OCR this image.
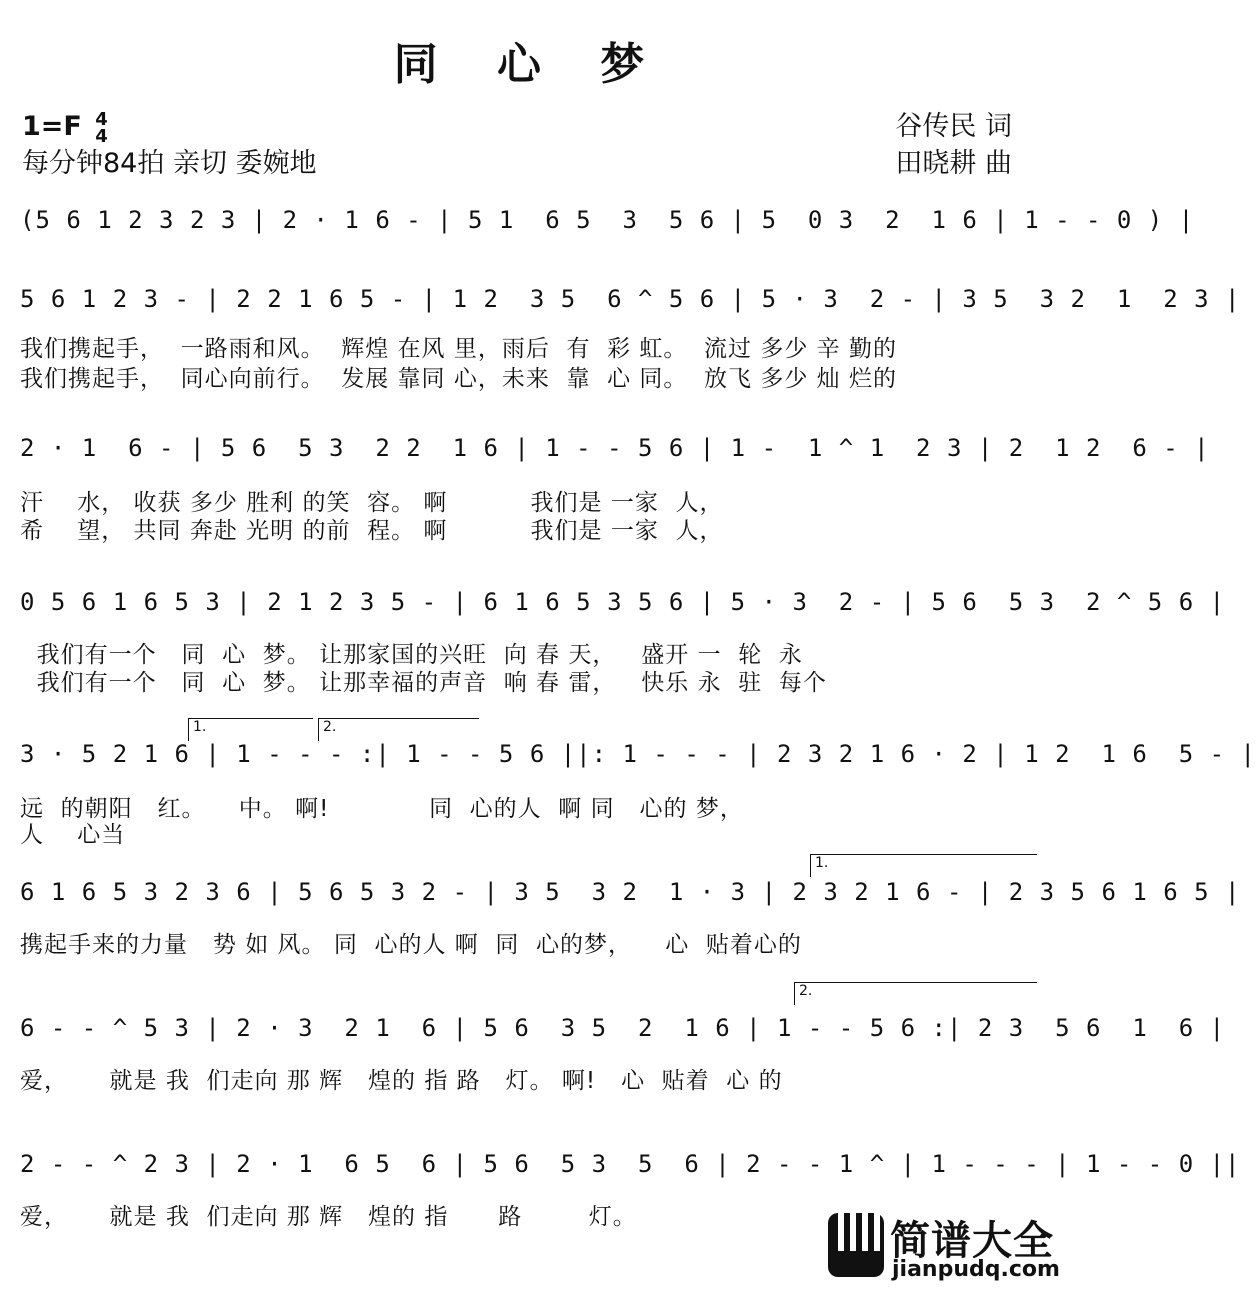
同 心 梦
1=F 4
4
每分钟84拍 亲切 委婉地
谷传民 词
田晓耕 曲

(5 6 1 2 3 2 3 | 2 · 1 6 - | 5 1  6 5  3  5 6 | 5  0 3  2  1 6 | 1 - - 0 ) |

5 6 1 2 3 - | 2 2 1 6 5 - | 1 2  3 5  6 ^ 5 6 | 5 · 3  2 - | 3 5  3 2  1  2 3 |

我们携起手，  一路雨和风。  辉煌 在风 里，雨后  有  彩 虹。  流过 多少 辛 勤的
我们携起手，  同心向前行。  发展 靠同 心，未来  靠  心 同。  放飞 多少 灿 烂的

2 · 1  6 - | 5 6  5 3  2 2  1 6 | 1 - - 5 6 | 1 -  1 ^ 1  2 3 | 2  1 2  6 - |

汗    水， 收获 多少 胜利 的笑  容。 啊          我们是 一家  人，
希    望， 共同 奔赴 光明 的前  程。 啊          我们是 一家  人，

0 5 6 1 6 5 3 | 2 1 2 3 5 - | 6 1 6 5 3 5 6 | 5 · 3  2 - | 5 6  5 3  2 ^ 5 6 |

我们有一个   同  心  梦。 让那家国的兴旺  向 春 天，   盛开 一  轮  永
我们有一个   同  心  梦。 让那幸福的声音  响 春 雷，   快乐 永  驻  每个
1.	2.

3 · 5 2 1 6 | 1 - - - :| 1 - - 5 6 ||: 1 - - - | 2 3 2 1 6 · 2 | 1 2  1 6  5 - |

远  的朝阳   红。    中。 啊!            同  心的人  啊 同   心的 梦，
人    心当
1.

6 1 6 5 3 2 3 6 | 5 6 5 3 2 - | 3 5  3 2  1 · 3 | 2 3 2 1 6 - | 2 3 5 6 1 6 5 |

携起手来的力量   势 如 风。 同  心的人 啊  同  心的梦，    心  贴着心的
2.

6 - - ^ 5 3 | 2 · 3  2 1  6 | 5 6  3 5  2  1 6 | 1 - - 5 6 :| 2 3  5 6  1  6 |

爱，     就是 我  们走向 那 辉   煌的 指 路   灯。 啊!   心  贴着  心 的

2 - - ^ 2 3 | 2 · 1  6 5  6 | 5 6  5 3  5  6 | 2 - - 1 ^ | 1 - - - | 1 - - 0 ||

爱，     就是 我  们走向 那 辉   煌的 指      路        灯。
简谱大全
jianpudq.com
